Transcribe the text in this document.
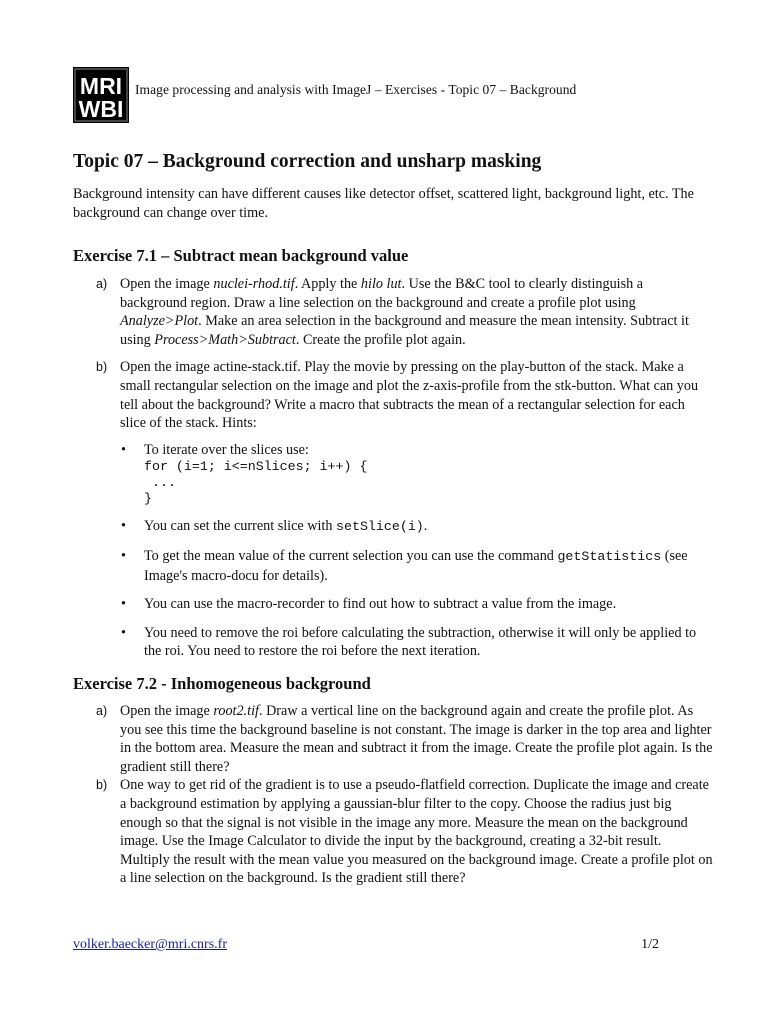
MRI
WBI
Image processing and analysis with ImageJ – Exercises - Topic 07 – Background
Topic 07 – Background correction and unsharp masking

Background intensity can have different causes like detector offset, scattered light, background light, etc. The background can change over time.

Exercise 7.1 – Subtract mean background value
a) Open the image nuclei-rhod.tif. Apply the hilo lut. Use the B&C tool to clearly distinguish a background region. Draw a line selection on the background and create a profile plot using Analyze>Plot. Make an area selection in the background and measure the mean intensity. Subtract it using Process>Math>Subtract. Create the profile plot again.
b) Open the image actine-stack.tif. Play the movie by pressing on the play-button of the stack. Make a small rectangular selection on the image and plot the z-axis-profile from the stk-button. What can you tell about the background? Write a macro that subtracts the mean of a rectangular selection for each slice of the stack. Hints:
• To iterate over the slices use:
for (i=1; i<=nSlices; i++) {
...
}
• You can set the current slice with setSlice(i).
• To get the mean value of the current selection you can use the command getStatistics (see Image's macro-docu for details).
• You can use the macro-recorder to find out how to subtract a value from the image.
• You need to remove the roi before calculating the subtraction, otherwise it will only be applied to the roi. You need to restore the roi before the next iteration.
Exercise 7.2 - Inhomogeneous background
a) Open the image root2.tif. Draw a vertical line on the background again and create the profile plot. As you see this time the background baseline is not constant. The image is darker in the top area and lighter in the bottom area. Measure the mean and subtract it from the image. Create the profile plot again. Is the gradient still there?
b) One way to get rid of the gradient is to use a pseudo-flatfield correction. Duplicate the image and create a background estimation by applying a gaussian-blur filter to the copy. Choose the radius just big enough so that the signal is not visible in the image any more. Measure the mean on the background image. Use the Image Calculator to divide the input by the background, creating a 32-bit result. Multiply the result with the mean value you measured on the background image. Create a profile plot on a line selection on the background. Is the gradient still there?
volker.baecker@mri.cnrs.fr	1/2
